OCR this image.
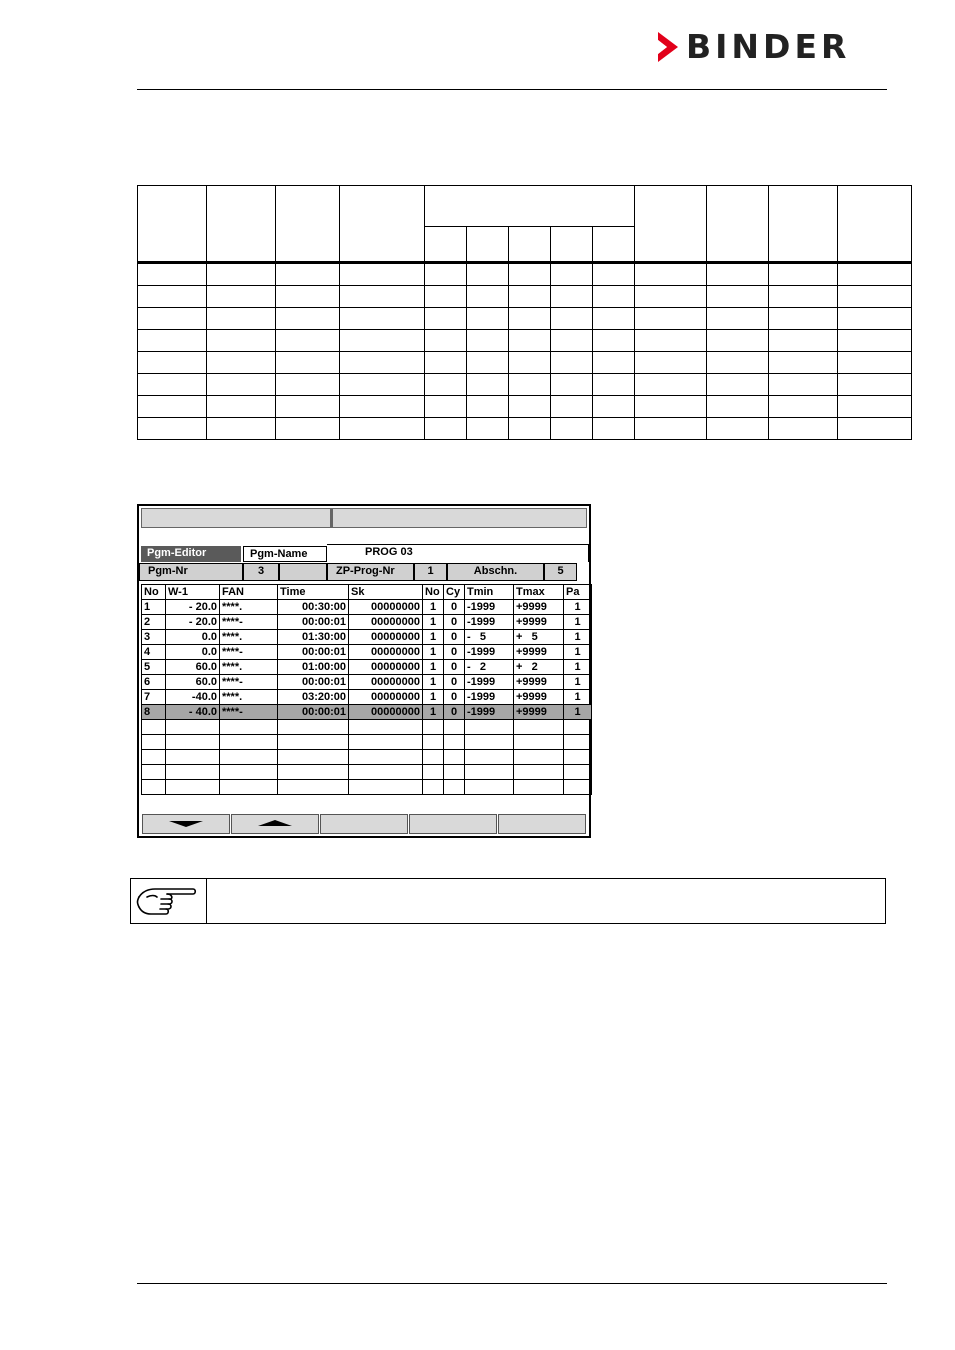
BINDER

Pgm-Editor	Pgm-Name	PROG 03
Pgm-Nr	3	ZP-Prog-Nr	1	Abschn.	5
No	W-1	FAN	Time	Sk	No	Cy	Tmin	Tmax	Pa
1	- 20.0	****.	00:30:00	00000000	1	0	-1999	+9999	1
2	- 20.0	****-	00:00:01	00000000	1	0	-1999	+9999	1
3	0.0	****.	01:30:00	00000000	1	0	-   5	+   5	1
4	0.0	****-	00:00:01	00000000	1	0	-1999	+9999	1
5	60.0	****.	01:00:00	00000000	1	0	-   2	+   2	1
6	60.0	****-	00:00:01	00000000	1	0	-1999	+9999	1
7	-40.0	****.	03:20:00	00000000	1	0	-1999	+9999	1
8	- 40.0	****-	00:00:01	00000000	1	0	-1999	+9999	1
